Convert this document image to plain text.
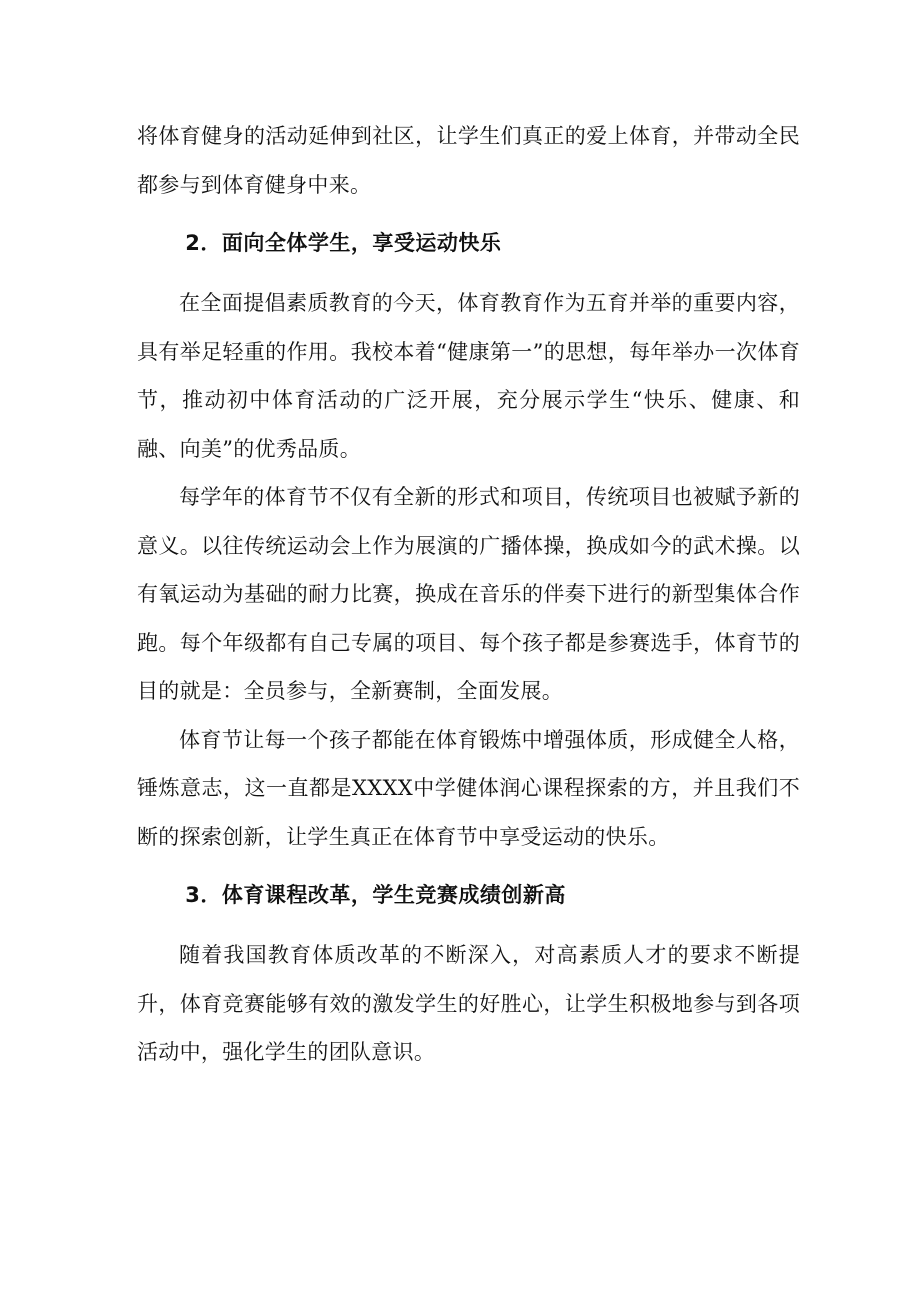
将体育健身的活动延伸到社区，让学生们真正的爱上体育，并带动全民都参与到体育健身中来。

2．面向全体学生，享受运动快乐

在全面提倡素质教育的今天，体育教育作为五育并举的重要内容，具有举足轻重的作用。我校本着“健康第一”的思想，每年举办一次体育节，推动初中体育活动的广泛开展，充分展示学生“快乐、健康、和融、向美”的优秀品质。

每学年的体育节不仅有全新的形式和项目，传统项目也被赋予新的意义。以往传统运动会上作为展演的广播体操，换成如今的武术操。以有氧运动为基础的耐力比赛，换成在音乐的伴奏下进行的新型集体合作跑。每个年级都有自己专属的项目、每个孩子都是参赛选手，体育节的目的就是：全员参与，全新赛制，全面发展。

体育节让每一个孩子都能在体育锻炼中增强体质，形成健全人格，锤炼意志，这一直都是XXXX中学健体润心课程探索的方，并且我们不断的探索创新，让学生真正在体育节中享受运动的快乐。

3．体育课程改革，学生竞赛成绩创新高

随着我国教育体质改革的不断深入，对高素质人才的要求不断提升，体育竞赛能够有效的激发学生的好胜心，让学生积极地参与到各项活动中，强化学生的团队意识。
